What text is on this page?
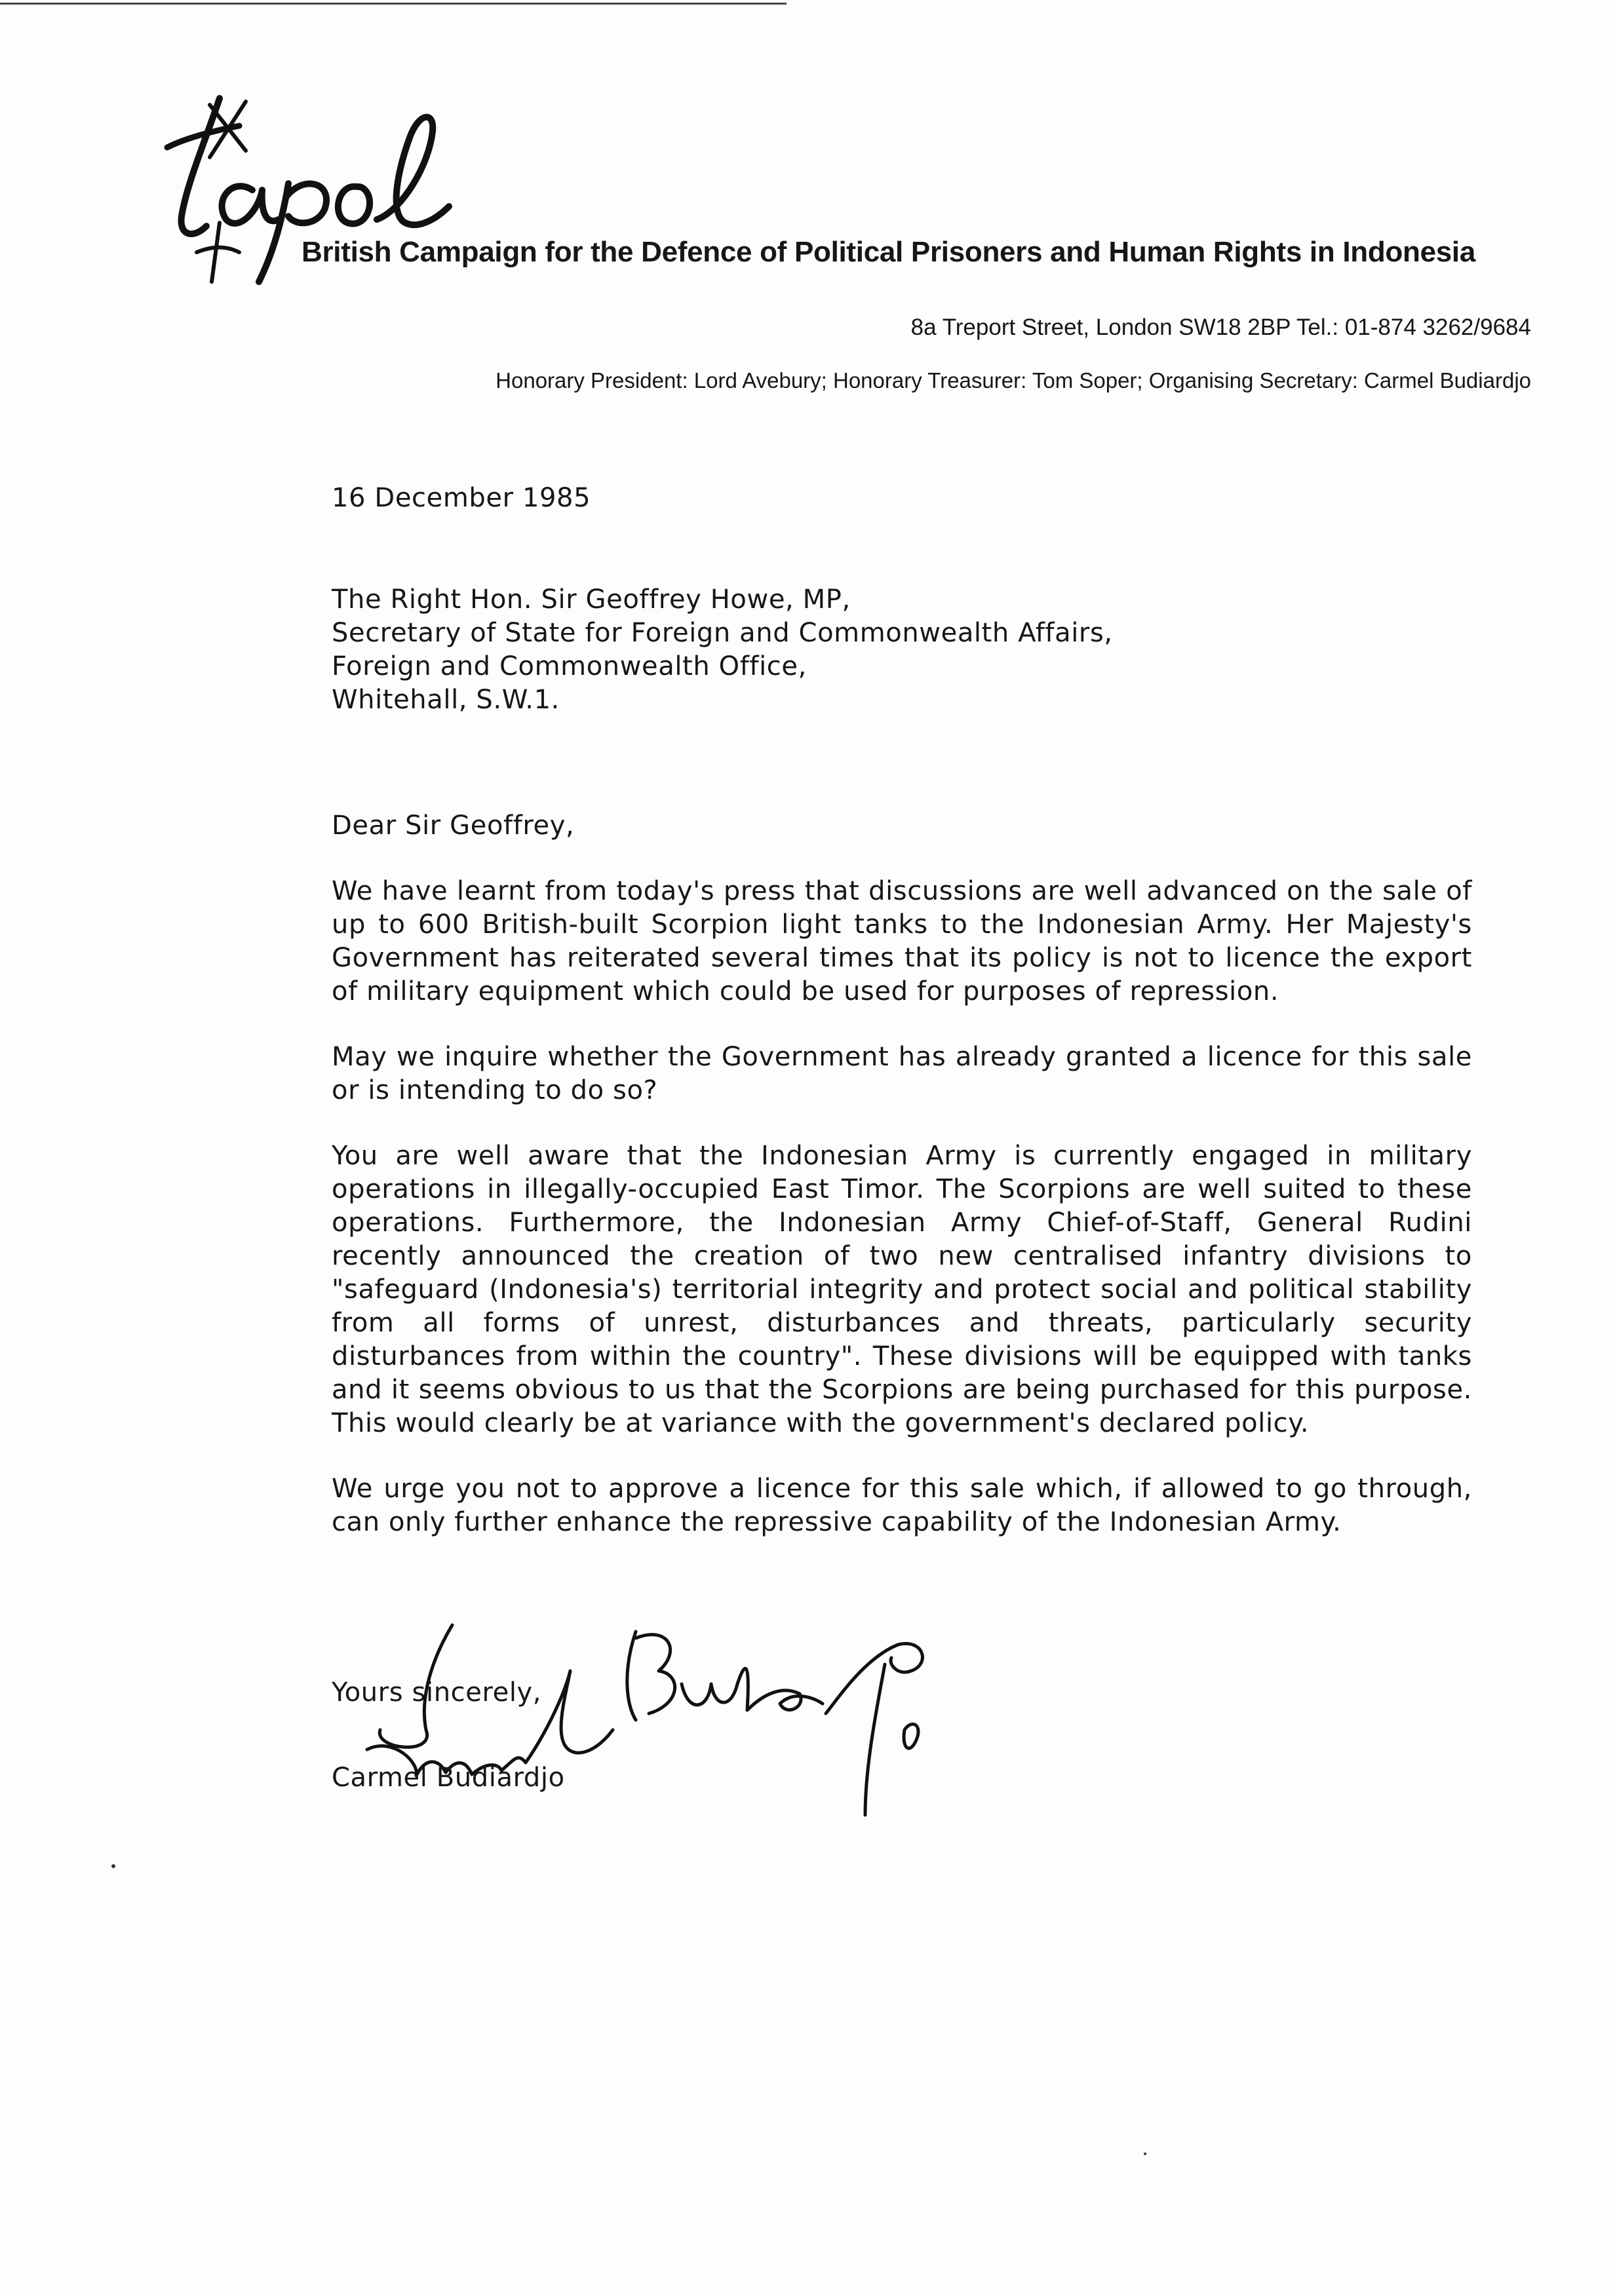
British Campaign for the Defence of Political Prisoners and Human Rights in Indonesia
8a Treport Street, London SW18 2BP Tel.: 01-874 3262/9684
Honorary President: Lord Avebury; Honorary Treasurer: Tom Soper; Organising Secretary: Carmel Budiardjo
16 December 1985
The Right Hon. Sir Geoffrey Howe, MP,
Secretary of State for Foreign and Commonwealth Affairs,
Foreign and Commonwealth Office,
Whitehall, S.W.1.
Dear Sir Geoffrey,

We have learnt from today's press that discussions are well advanced on the sale of up to 600 British-built Scorpion light tanks to the Indonesian Army. Her Majesty's Government has reiterated several times that its policy is not to licence the export of military equipment which could be used for purposes of repression.

May we inquire whether the Government has already granted a licence for this sale or is intending to do so?

You are well aware that the Indonesian Army is currently engaged in military operations in illegally-occupied East Timor. The Scorpions are well suited to these operations. Furthermore, the Indonesian Army Chief-of-Staff, General Rudini recently announced the creation of two new centralised infantry divisions to "safeguard (Indonesia's) territorial integrity and protect social and political stability from all forms of unrest, disturbances and threats, particularly security disturbances from within the country". These divisions will be equipped with tanks and it seems obvious to us that the Scorpions are being purchased for this purpose. This would clearly be at variance with the government's declared policy.

We urge you not to approve a licence for this sale which, if allowed to go through, can only further enhance the repressive capability of the Indonesian Army.

Yours sincerely,
Carmel Budiardjo
